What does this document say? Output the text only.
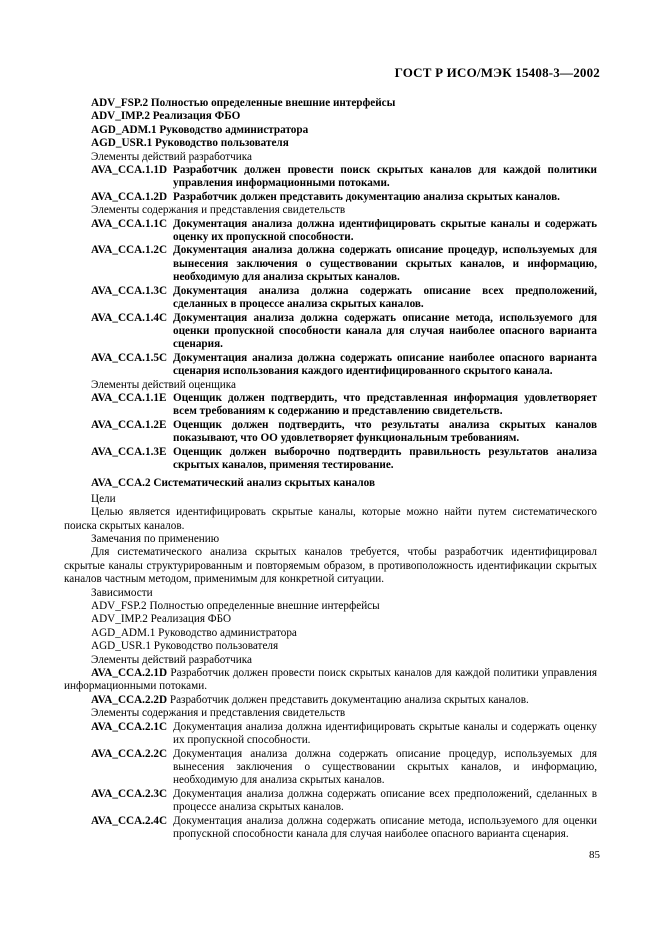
ГОСТ Р ИСО/МЭК 15408-3—2002
ADV_FSP.2 Полностью определенные внешние интерфейсы
ADV_IMP.2 Реализация ФБО
AGD_ADM.1 Руководство администратора
AGD_USR.1 Руководство пользователя
Элементы действий разработчика
AVA_CCA.1.1D Разработчик должен провести поиск скрытых каналов для каждой политики управления информационными потоками.
AVA_CCA.1.2D Разработчик должен представить документацию анализа скрытых каналов.
Элементы содержания и представления свидетельств
AVA_CCA.1.1C Документация анализа должна идентифицировать скрытые каналы и содержать оценку их пропускной способности.
AVA_CCA.1.2C Документация анализа должна содержать описание процедур, используемых для вынесения заключения о существовании скрытых каналов, и информацию, необходимую для анализа скрытых каналов.
AVA_CCA.1.3C Документация анализа должна содержать описание всех предположений, сделанных в процессе анализа скрытых каналов.
AVA_CCA.1.4C Документация анализа должна содержать описание метода, используемого для оценки пропускной способности канала для случая наиболее опасного варианта сценария.
AVA_CCA.1.5C Документация анализа должна содержать описание наиболее опасного варианта сценария использования каждого идентифицированного скрытого канала.
Элементы действий оценщика
AVA_CCA.1.1E Оценщик должен подтвердить, что представленная информация удовлетворяет всем требованиям к содержанию и представлению свидетельств.
AVA_CCA.1.2E Оценщик должен подтвердить, что результаты анализа скрытых каналов показывают, что ОО удовлетворяет функциональным требованиям.
AVA_CCA.1.3E Оценщик должен выборочно подтвердить правильность результатов анализа скрытых каналов, применяя тестирование.
AVA_CCA.2 Систематический анализ скрытых каналов
Цели
Целью является идентифицировать скрытые каналы, которые можно найти путем систематического поиска скрытых каналов.
Замечания по применению
Для систематического анализа скрытых каналов требуется, чтобы разработчик идентифицировал скрытые каналы структурированным и повторяемым образом, в противоположность идентификации скрытых каналов частным методом, применимым для конкретной ситуации.
Зависимости
ADV_FSP.2 Полностью определенные внешние интерфейсы
ADV_IMP.2 Реализация ФБО
AGD_ADM.1 Руководство администратора
AGD_USR.1 Руководство пользователя
Элементы действий разработчика
AVA_CCA.2.1D Разработчик должен провести поиск скрытых каналов для каждой политики управления информационными потоками.
AVA_CCA.2.2D Разработчик должен представить документацию анализа скрытых каналов.
Элементы содержания и представления свидетельств
AVA_CCA.2.1C Документация анализа должна идентифицировать скрытые каналы и содержать оценку их пропускной способности.
AVA_CCA.2.2C Документация анализа должна содержать описание процедур, используемых для вынесения заключения о существовании скрытых каналов, и информацию, необходимую для анализа скрытых каналов.
AVA_CCA.2.3C Документация анализа должна содержать описание всех предположений, сделанных в процессе анализа скрытых каналов.
AVA_CCA.2.4C Документация анализа должна содержать описание метода, используемого для оценки пропускной способности канала для случая наиболее опасного варианта сценария.
85
